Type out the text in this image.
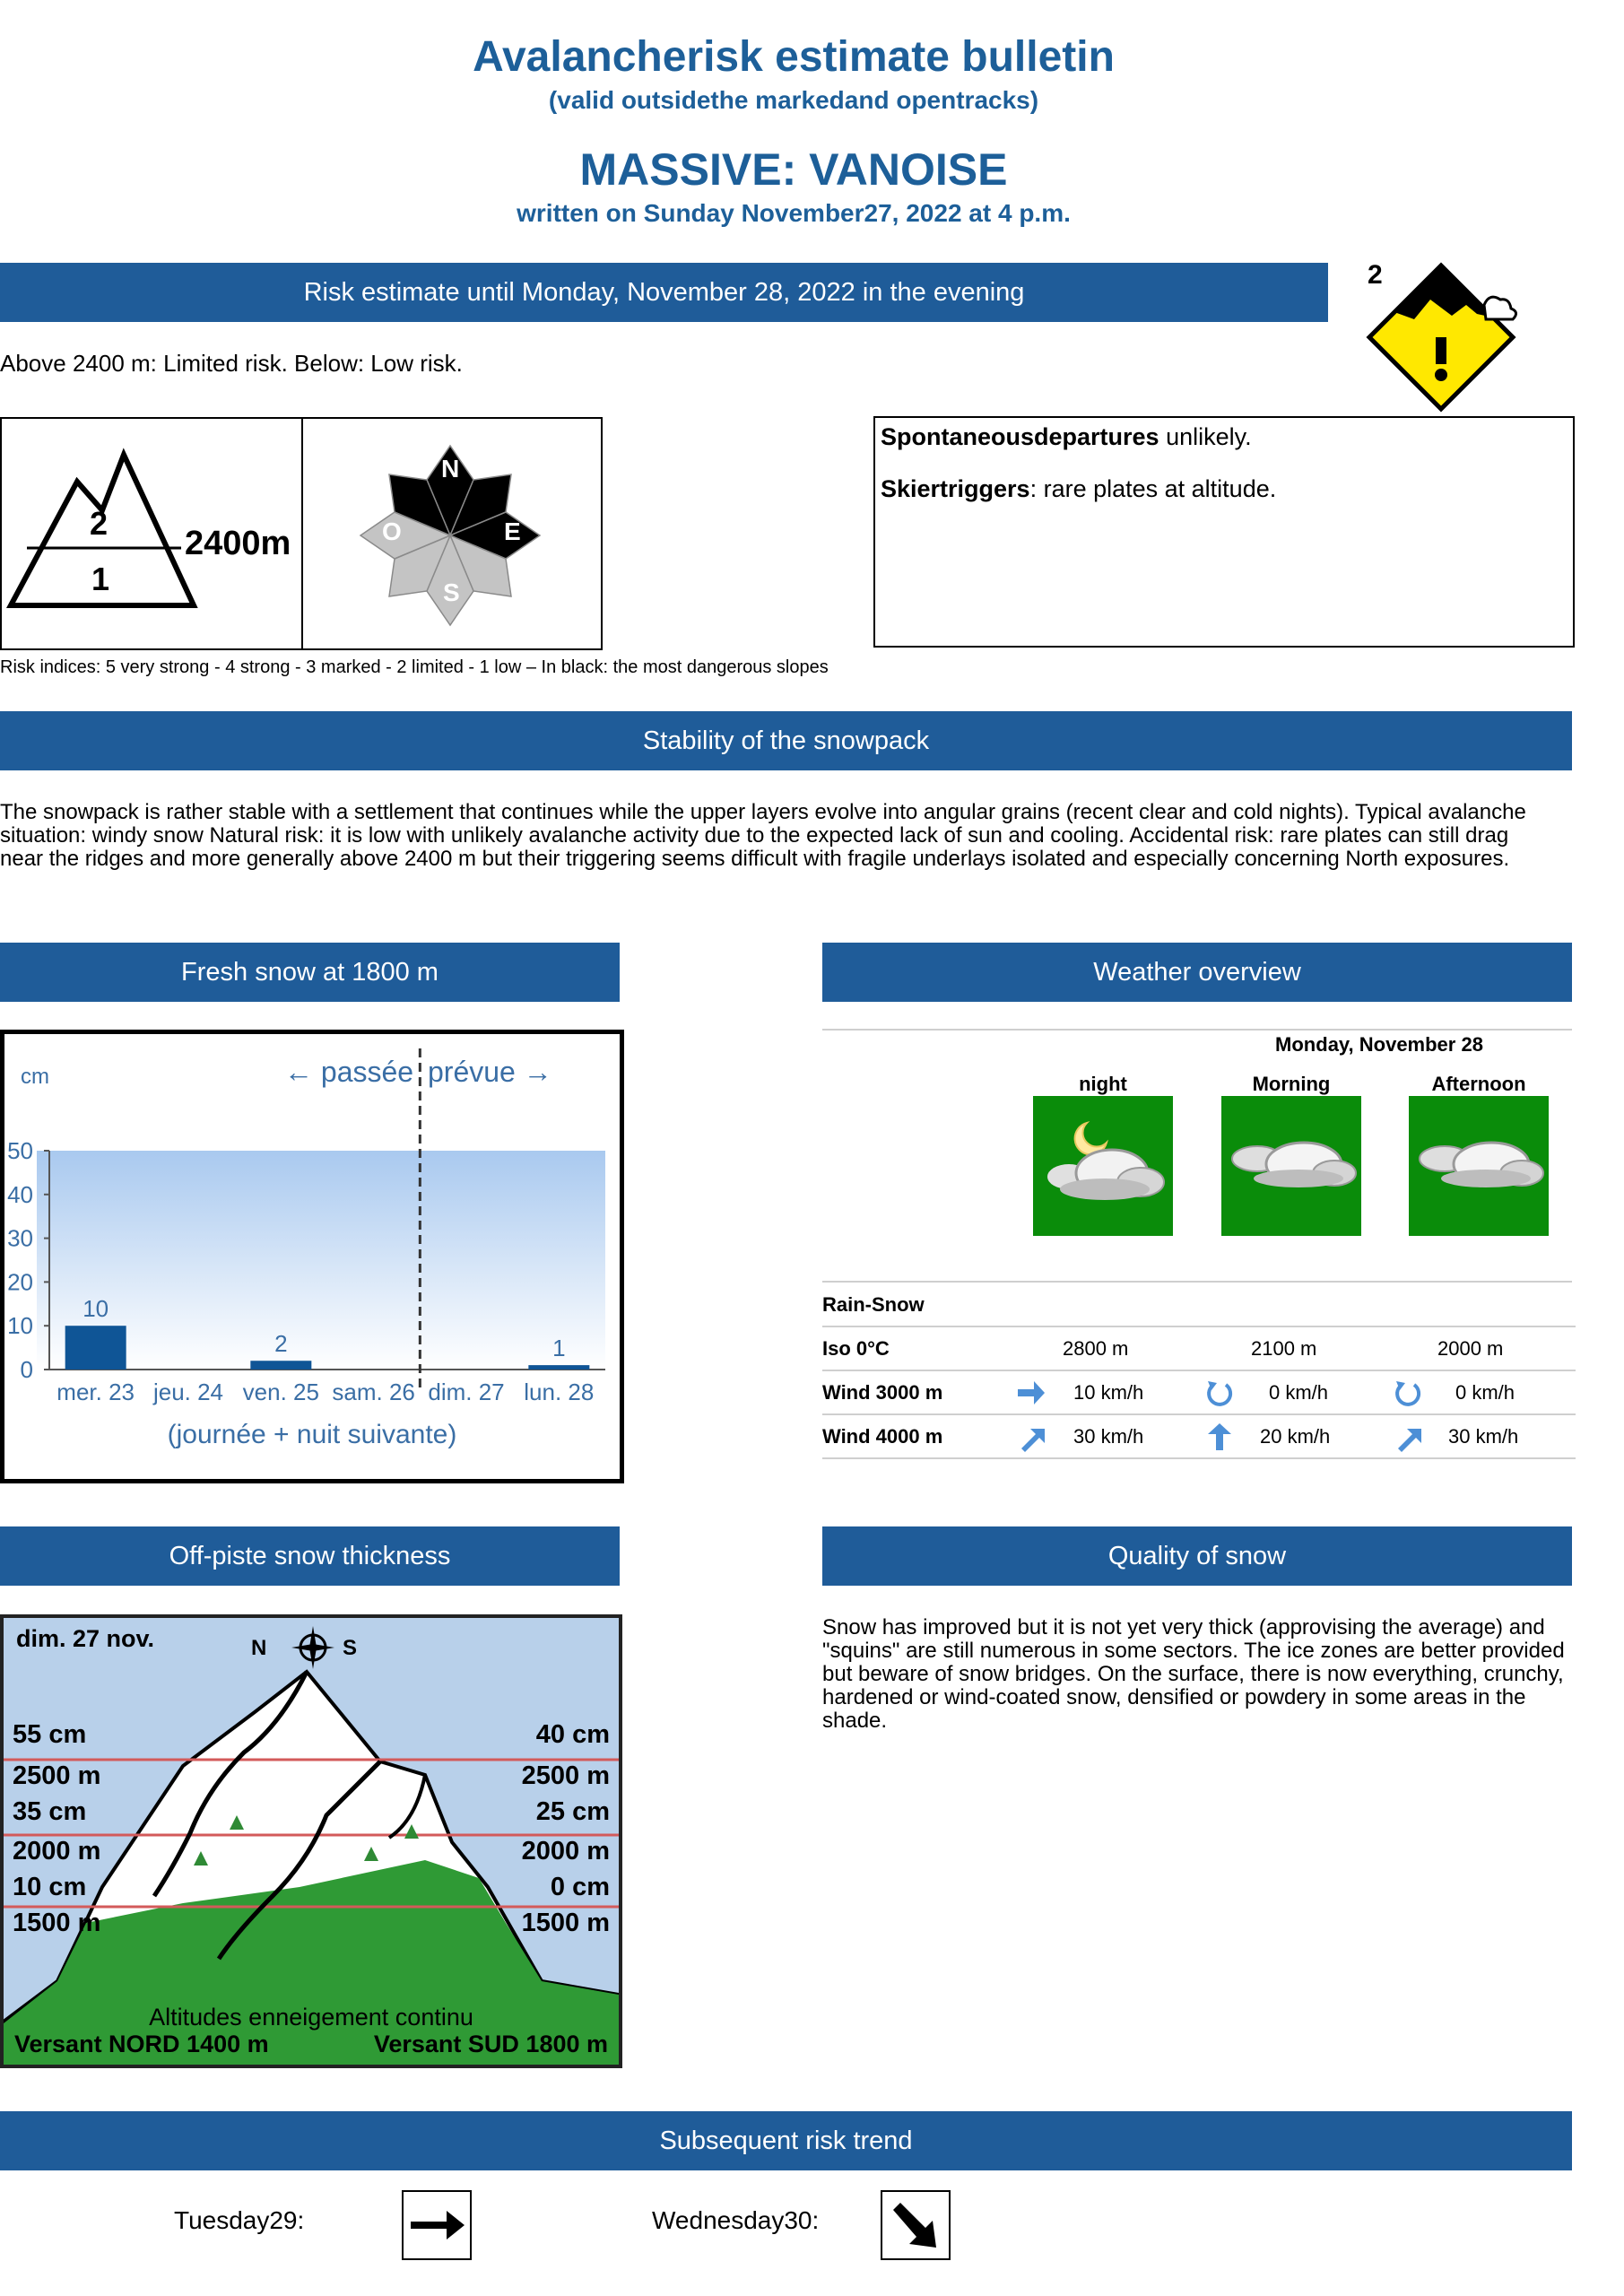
Avalancherisk estimate bulletin
(valid outsidethe markedand opentracks)
MASSIVE: VANOISE
written on Sunday November27, 2022 at 4 p.m.
Risk estimate until Monday, November 28, 2022 in the evening
2
Above 2400 m: Limited risk. Below: Low risk.
2
1
2400m
N
E
S
O
Spontaneousdepartures unlikely.
Skiertriggers: rare plates at altitude.
Risk indices: 5 very strong - 4 strong - 3 marked - 2 limited - 1 low – In black: the most dangerous slopes
Stability of the snowpack
The snowpack is rather stable with a settlement that continues while the upper layers evolve into angular grains (recent clear and cold nights). Typical avalanche situation: windy snow Natural risk: it is low with unlikely avalanche activity due to the expected lack of sun and cooling. Accidental risk: rare plates can still drag near the ridges and more generally above 2400 m but their triggering seems difficult with fragile underlays isolated and especially concerning North exposures.
Fresh snow at 1800 m
0
10
20
30
40
50
10
mer. 23 jeu. 24
2
ven. 25 sam. 26 dim. 27
1
lun. 28
cm	← passée prévue →
(journée + nuit suivante)
Weather overview
Monday, November 28
night	Morning	Afternoon
Rain-Snow
Iso 0°C	2800 m	2100 m	2000 m
Wind 3000 m	10 km/h	0 km/h	0 km/h
Wind 4000 m	30 km/h	20 km/h	30 km/h
Off-piste snow thickness
dim. 27 nov.	N	S
55 cm
2500 m
35 cm
2000 m
10 cm
1500 m
40 cm
2500 m
25 cm
2000 m
0 cm
1500 m
Altitudes enneigement continu
Versant NORD 1400 m	Versant SUD 1800 m
Quality of snow
Snow has improved but it is not yet very thick (approvising the average) and "squins" are still numerous in some sectors. The ice zones are better provided but beware of snow bridges. On the surface, there is now everything, crunchy, hardened or wind-coated snow, densified or powdery in some areas in the shade.
Subsequent risk trend
Tuesday29:	Wednesday30:
